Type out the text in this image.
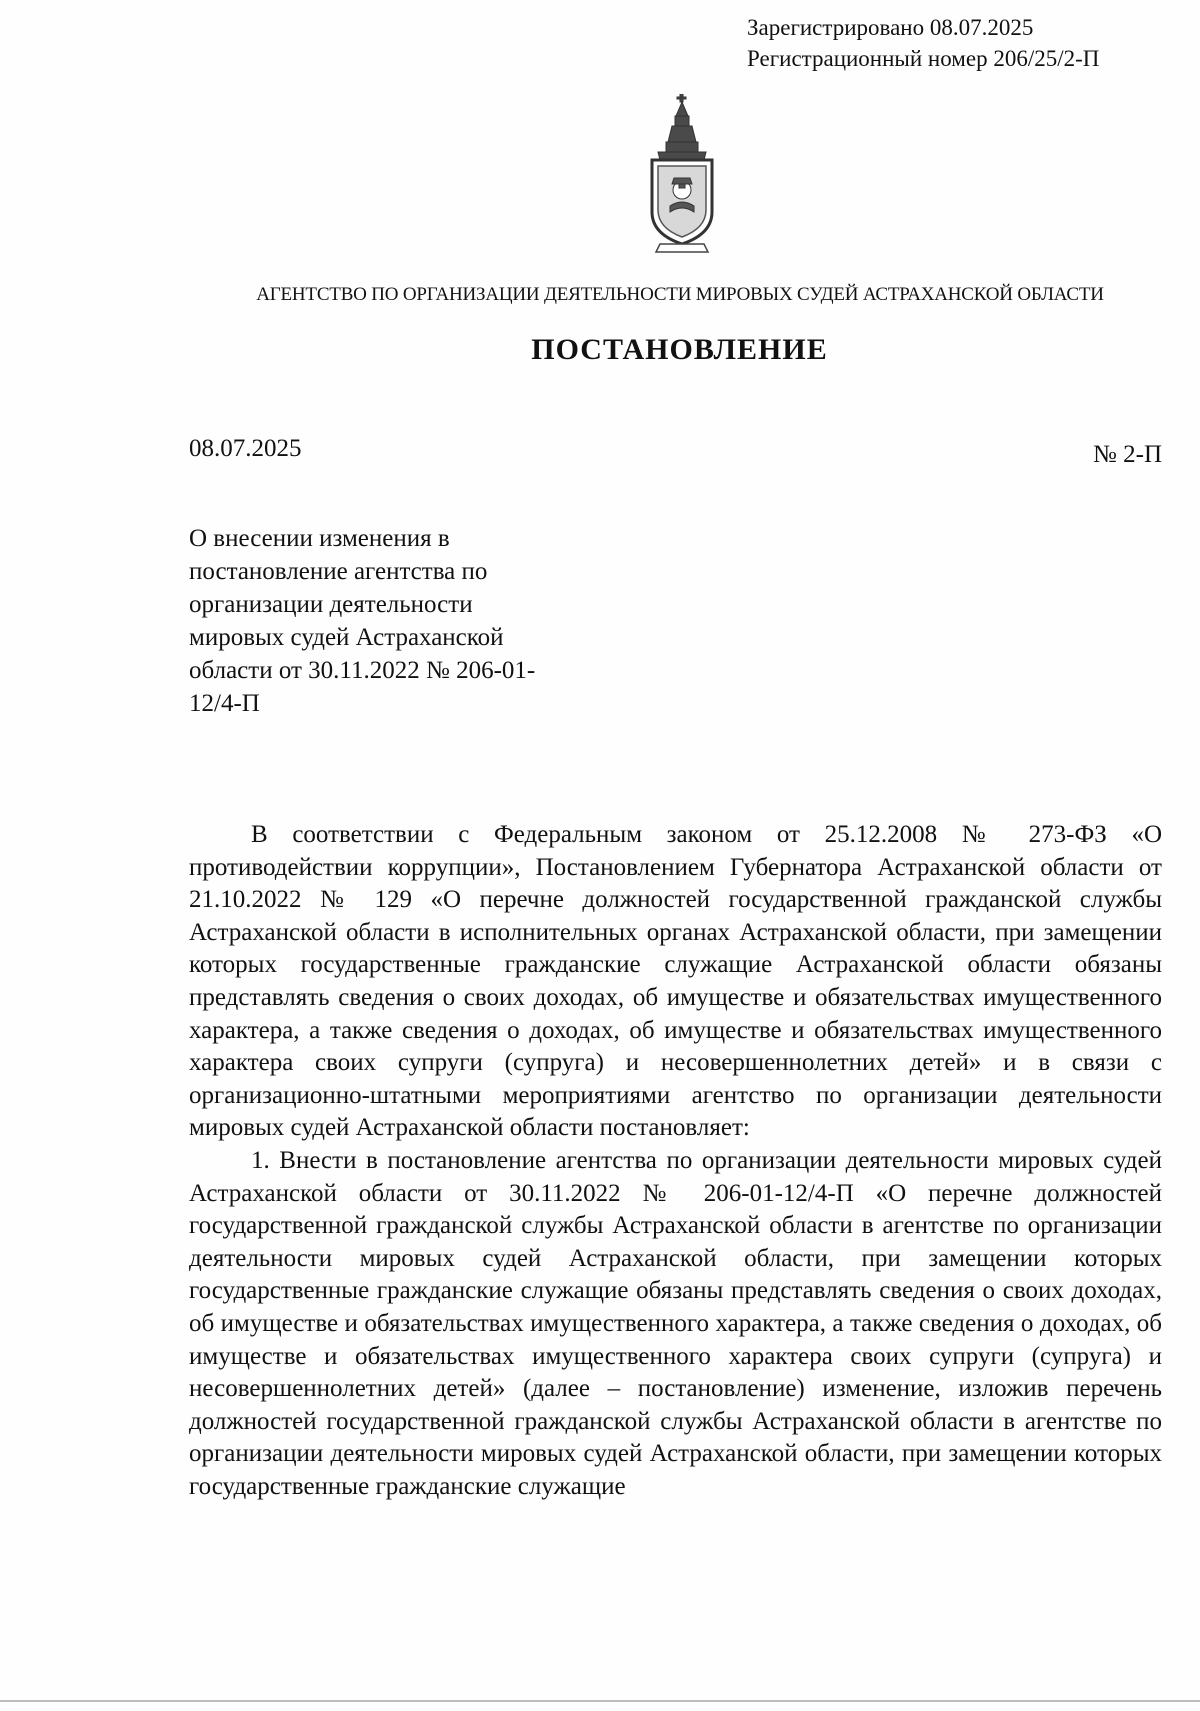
Зарегистрировано 08.07.2025
Регистрационный номер 206/25/2-П
АГЕНТСТВО ПО ОРГАНИЗАЦИИ ДЕЯТЕЛЬНОСТИ МИРОВЫХ СУДЕЙ АСТРАХАНСКОЙ ОБЛАСТИ
ПОСТАНОВЛЕНИЕ
08.07.2025	№ 2-П

О внесении изменения в постановление агентства по организации деятельности мировых судей Астраханской области от 30.11.2022 № 206-01-12/4-П

В соответствии с Федеральным законом от 25.12.2008 № 273-ФЗ «О противодействии коррупции», Постановлением Губернатора Астраханской области от 21.10.2022 № 129 «О перечне должностей государственной гражданской службы Астраханской области в исполнительных органах Астраханской области, при замещении которых государственные гражданские служащие Астраханской области обязаны представлять сведения о своих доходах, об имуществе и обязательствах имущественного характера, а также сведения о доходах, об имуществе и обязательствах имущественного характера своих супруги (супруга) и несовершеннолетних детей» и в связи с организационно-штатными мероприятиями агентство по организации деятельности мировых судей Астраханской области постановляет:

1. Внести в постановление агентства по организации деятельности мировых судей Астраханской области от 30.11.2022 № 206-01-12/4-П «О перечне должностей государственной гражданской службы Астраханской области в агентстве по организации деятельности мировых судей Астраханской области, при замещении которых государственные гражданские служащие обязаны представлять сведения о своих доходах, об имуществе и обязательствах имущественного характера, а также сведения о доходах, об имуществе и обязательствах имущественного характера своих супруги (супруга) и несовершеннолетних детей» (далее – постановление) изменение, изложив перечень должностей государственной гражданской службы Астраханской области в агентстве по организации деятельности мировых судей Астраханской области, при замещении которых государственные гражданские служащие
